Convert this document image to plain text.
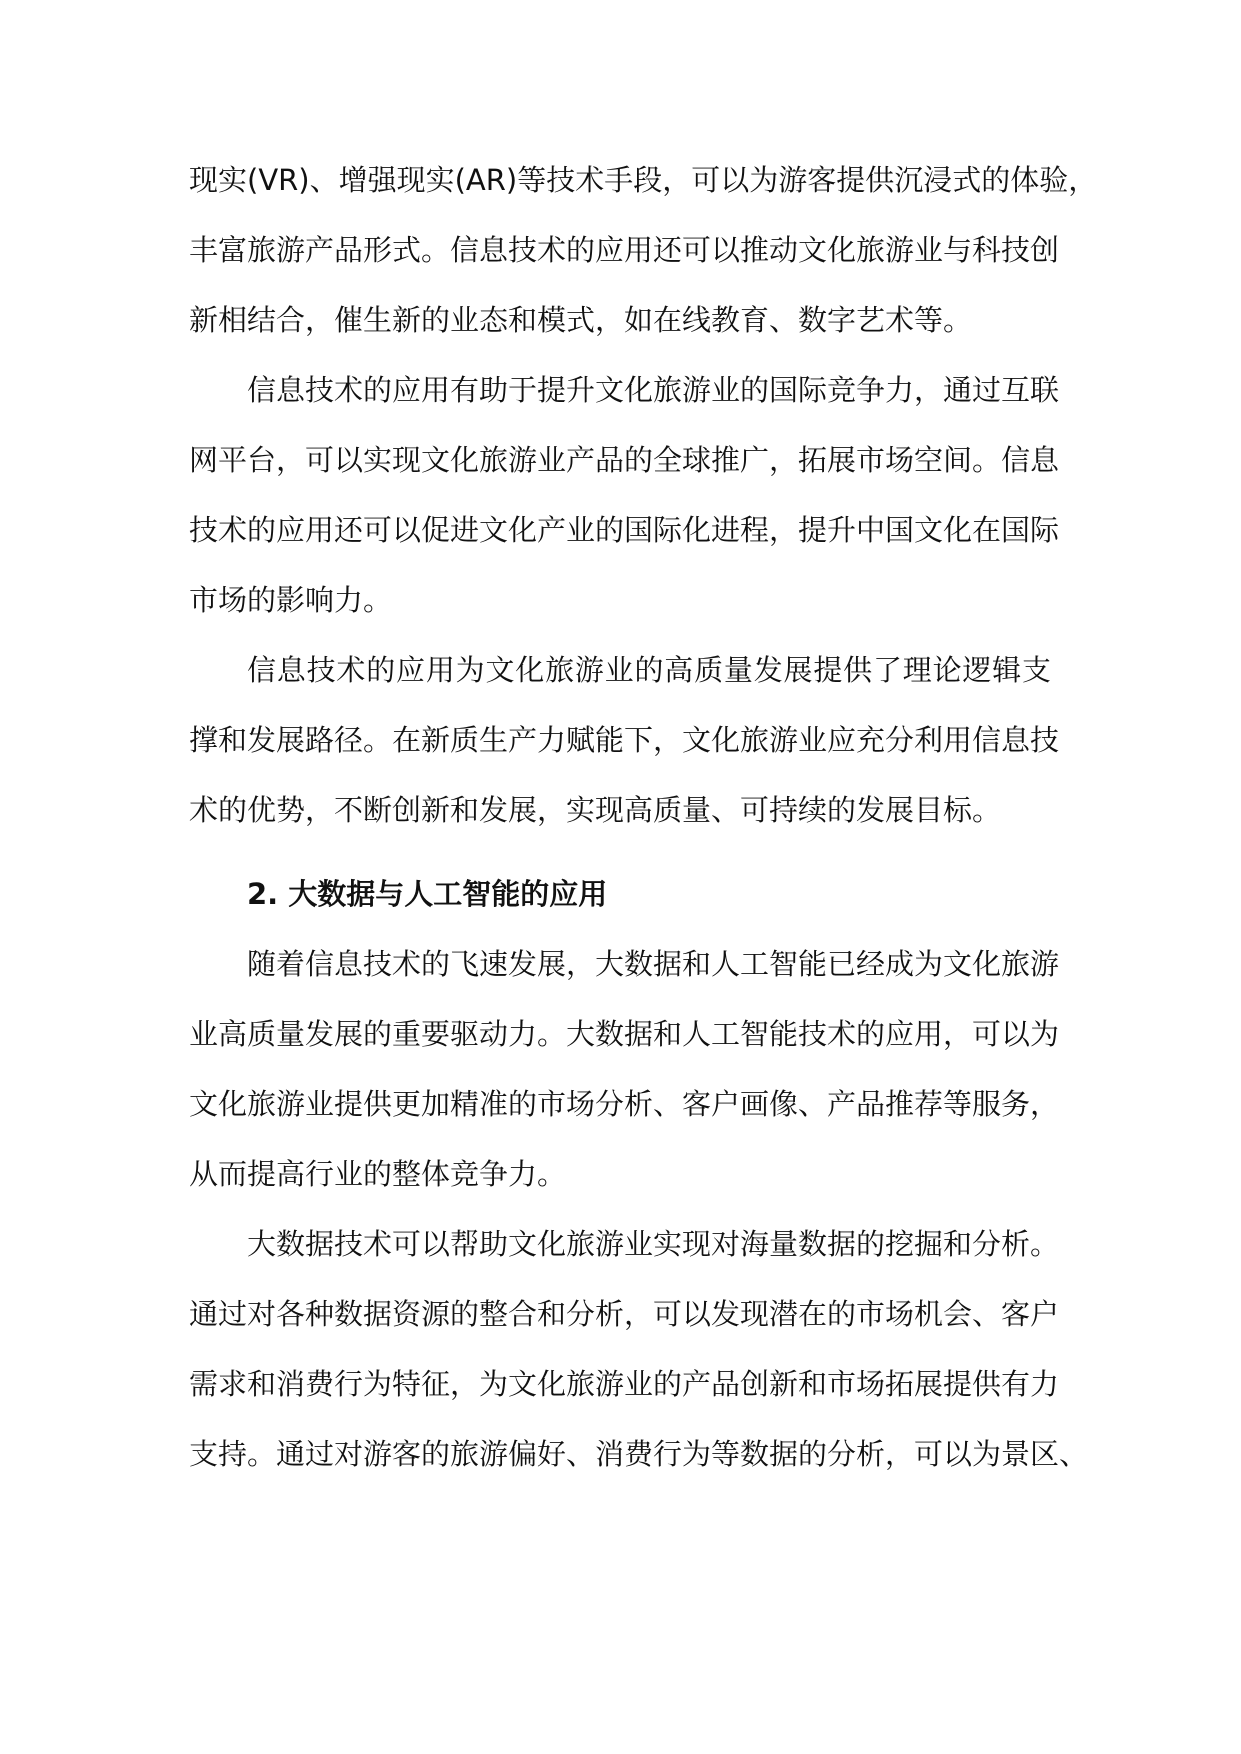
现实(VR)、增强现实(AR)等技术手段，可以为游客提供沉浸式的体验，
丰富旅游产品形式。信息技术的应用还可以推动文化旅游业与科技创
新相结合，催生新的业态和模式，如在线教育、数字艺术等。
信息技术的应用有助于提升文化旅游业的国际竞争力，通过互联
网平台，可以实现文化旅游业产品的全球推广，拓展市场空间。信息
技术的应用还可以促进文化产业的国际化进程，提升中国文化在国际
市场的影响力。
信息技术的应用为文化旅游业的高质量发展提供了理论逻辑支
撑和发展路径。在新质生产力赋能下，文化旅游业应充分利用信息技
术的优势，不断创新和发展，实现高质量、可持续的发展目标。
2. 大数据与人工智能的应用
随着信息技术的飞速发展，大数据和人工智能已经成为文化旅游
业高质量发展的重要驱动力。大数据和人工智能技术的应用，可以为
文化旅游业提供更加精准的市场分析、客户画像、产品推荐等服务，
从而提高行业的整体竞争力。
大数据技术可以帮助文化旅游业实现对海量数据的挖掘和分析。
通过对各种数据资源的整合和分析，可以发现潜在的市场机会、客户
需求和消费行为特征，为文化旅游业的产品创新和市场拓展提供有力
支持。通过对游客的旅游偏好、消费行为等数据的分析，可以为景区、
